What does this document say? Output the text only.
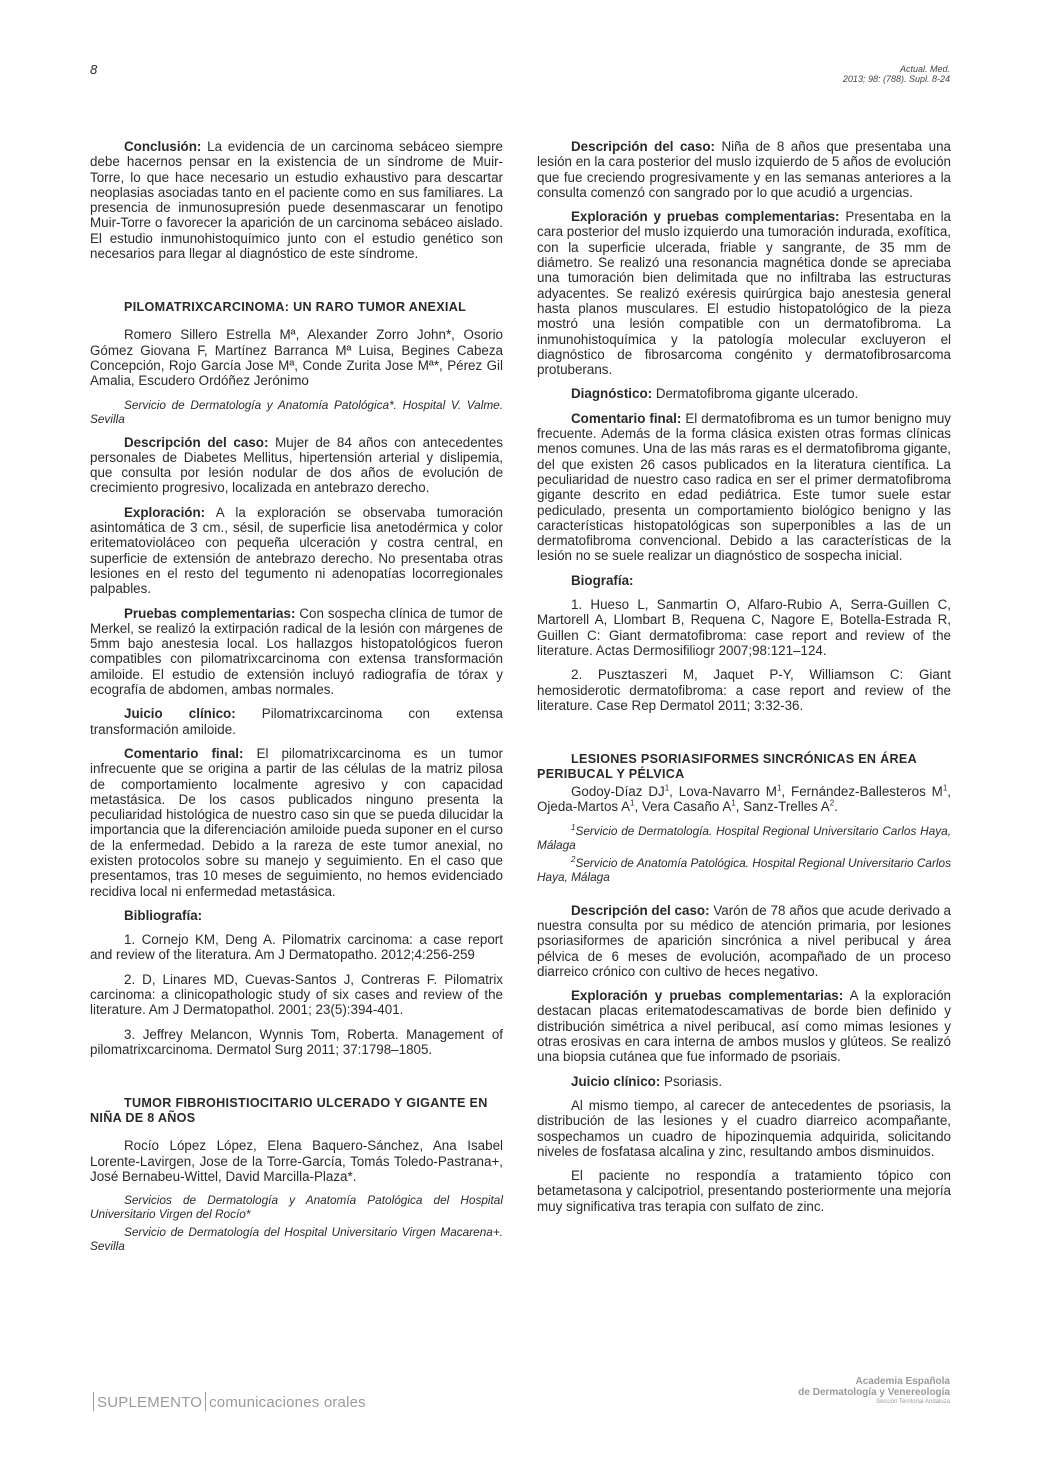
8	Actual. Med.
2013; 98: (788). Supl. 8-24

Conclusión: La evidencia de un carcinoma sebáceo siempre debe hacernos pensar en la existencia de un síndrome de Muir-Torre, lo que hace necesario un estudio exhaustivo para descartar neoplasias asociadas tanto en el paciente como en sus familiares. La presencia de inmunosupresión puede desenmascarar un fenotipo Muir-Torre o favorecer la aparición de un carcinoma sebáceo aislado. El estudio inmunohistoquímico junto con el estudio genético son necesarios para llegar al diagnóstico de este síndrome.

PILOMATRIXCARCINOMA: UN RARO TUMOR ANEXIAL

Romero Sillero Estrella Mª, Alexander Zorro John*, Osorio Gómez Giovana F, Martínez Barranca Mª Luisa, Begines Cabeza Concepción, Rojo García Jose Mª, Conde Zurita Jose Mª*, Pérez Gil Amalia, Escudero Ordóñez Jerónimo

Servicio de Dermatología y Anatomía Patológica*. Hospital V. Valme. Sevilla

Descripción del caso: Mujer de 84 años con antecedentes personales de Diabetes Mellitus, hipertensión arterial y dislipemia, que consulta por lesión nodular de dos años de evolución de crecimiento progresivo, localizada en antebrazo derecho.

Exploración: A la exploración se observaba tumoración asintomática de 3 cm., sésil, de superficie lisa anetodérmica y color eritematovioláceo con pequeña ulceración y costra central, en superficie de extensión de antebrazo derecho. No presentaba otras lesiones en el resto del tegumento ni adenopatías locorregionales palpables.

Pruebas complementarias: Con sospecha clínica de tumor de Merkel, se realizó la extirpación radical de la lesión con márgenes de 5mm bajo anestesia local. Los hallazgos histopatológicos fueron compatibles con pilomatrixcarcinoma con extensa transformación amiloide. El estudio de extensión incluyó radiografía de tórax y ecografía de abdomen, ambas normales.

Juicio clínico: Pilomatrixcarcinoma con extensa transformación amiloide.

Comentario final: El pilomatrixcarcinoma es un tumor infrecuente que se origina a partir de las células de la matriz pilosa de comportamiento localmente agresivo y con capacidad metastásica. De los casos publicados ninguno presenta la peculiaridad histológica de nuestro caso sin que se pueda dilucidar la importancia que la diferenciación amiloide pueda suponer en el curso de la enfermedad. Debido a la rareza de este tumor anexial, no existen protocolos sobre su manejo y seguimiento. En el caso que presentamos, tras 10 meses de seguimiento, no hemos evidenciado recidiva local ni enfermedad metastásica.

Bibliografía:

1. Cornejo KM, Deng A. Pilomatrix carcinoma: a case report and review of the literatura. Am J Dermatopatho. 2012;4:256-259

2. D, Linares MD, Cuevas-Santos J, Contreras F. Pilomatrix carcinoma: a clinicopathologic study of six cases and review of the literature. Am J Dermatopathol. 2001; 23(5):394-401.

3. Jeffrey Melancon, Wynnis Tom, Roberta. Management of pilomatrixcarcinoma. Dermatol Surg 2011; 37:1798–1805.

TUMOR FIBROHISTIOCITARIO ULCERADO Y GIGANTE EN NIÑA DE 8 AÑOS

Rocío López López, Elena Baquero-Sánchez, Ana Isabel Lorente-Lavirgen, Jose de la Torre-García, Tomás Toledo-Pastrana+, José Bernabeu-Wittel, David Marcilla-Plaza*.

Servicios de Dermatología y Anatomía Patológica del Hospital Universitario Virgen del Rocío*

Servicio de Dermatología del Hospital Universitario Virgen Macarena+. Sevilla

Descripción del caso: Niña de 8 años que presentaba una lesión en la cara posterior del muslo izquierdo de 5 años de evolución que fue creciendo progresivamente y en las semanas anteriores a la consulta comenzó con sangrado por lo que acudió a urgencias.

Exploración y pruebas complementarias: Presentaba en la cara posterior del muslo izquierdo una tumoración indurada, exofítica, con la superficie ulcerada, friable y sangrante, de 35 mm de diámetro. Se realizó una resonancia magnética donde se apreciaba una tumoración bien delimitada que no infiltraba las estructuras adyacentes. Se realizó exéresis quirúrgica bajo anestesia general hasta planos musculares. El estudio histopatológico de la pieza mostró una lesión compatible con un dermatofibroma. La inmunohistoquímica y la patología molecular excluyeron el diagnóstico de fibrosarcoma congénito y dermatofibrosarcoma protuberans.

Diagnóstico: Dermatofibroma gigante ulcerado.

Comentario final: El dermatofibroma es un tumor benigno muy frecuente. Además de la forma clásica existen otras formas clínicas menos comunes. Una de las más raras es el dermatofibroma gigante, del que existen 26 casos publicados en la literatura científica. La peculiaridad de nuestro caso radica en ser el primer dermatofibroma gigante descrito en edad pediátrica. Este tumor suele estar pediculado, presenta un comportamiento biológico benigno y las características histopatológicas son superponibles a las de un dermatofibroma convencional. Debido a las características de la lesión no se suele realizar un diagnóstico de sospecha inicial.

Biografía:

1. Hueso L, Sanmartin O, Alfaro-Rubio A, Serra-Guillen C, Martorell A, Llombart B, Requena C, Nagore E, Botella-Estrada R, Guillen C: Giant dermatofibroma: case report and review of the literature. Actas Dermosifiliogr 2007;98:121–124.

2. Pusztaszeri M, Jaquet P-Y, Williamson C: Giant hemosiderotic dermatofibroma: a case report and review of the literature. Case Rep Dermatol 2011; 3:32-36.

LESIONES PSORIASIFORMES SINCRÓNICAS EN ÁREA PERIBUCAL Y PÉLVICA

Godoy-Díaz $DJ^1$, Lova-Navarro $M^1$, Fernández-Ballesteros $M^1$, Ojeda-Martos $A^1$, Vera Casaño $A^1$, Sanz-Trelles $A^2$.

$^1$Servicio de Dermatología. Hospital Regional Universitario Carlos Haya, Málaga

$^2$Servicio de Anatomía Patológica. Hospital Regional Universitario Carlos Haya, Málaga

Descripción del caso: Varón de 78 años que acude derivado a nuestra consulta por su médico de atención primaria, por lesiones psoriasiformes de aparición sincrónica a nivel peribucal y área pélvica de 6 meses de evolución, acompañado de un proceso diarreico crónico con cultivo de heces negativo.

Exploración y pruebas complementarias: A la exploración destacan placas eritematodescamativas de borde bien definido y distribución simétrica a nivel peribucal, así como mimas lesiones y otras erosivas en cara interna de ambos muslos y glúteos. Se realizó una biopsia cutánea que fue informado de psoriais.

Juicio clínico: Psoriasis.

Al mismo tiempo, al carecer de antecedentes de psoriasis, la distribución de las lesiones y el cuadro diarreico acompañante, sospechamos un cuadro de hipozinquemia adquirida, solicitando niveles de fosfatasa alcalina y zinc, resultando ambos disminuidos.

El paciente no respondía a tratamiento tópico con betametasona y calcipotriol, presentando posteriormente una mejoría muy significativa tras terapia con sulfato de zinc.

SUPLEMENTO comunicaciones orales
Academia Española
de Dermatología y Venereología
Sección Territorial Andaluza
